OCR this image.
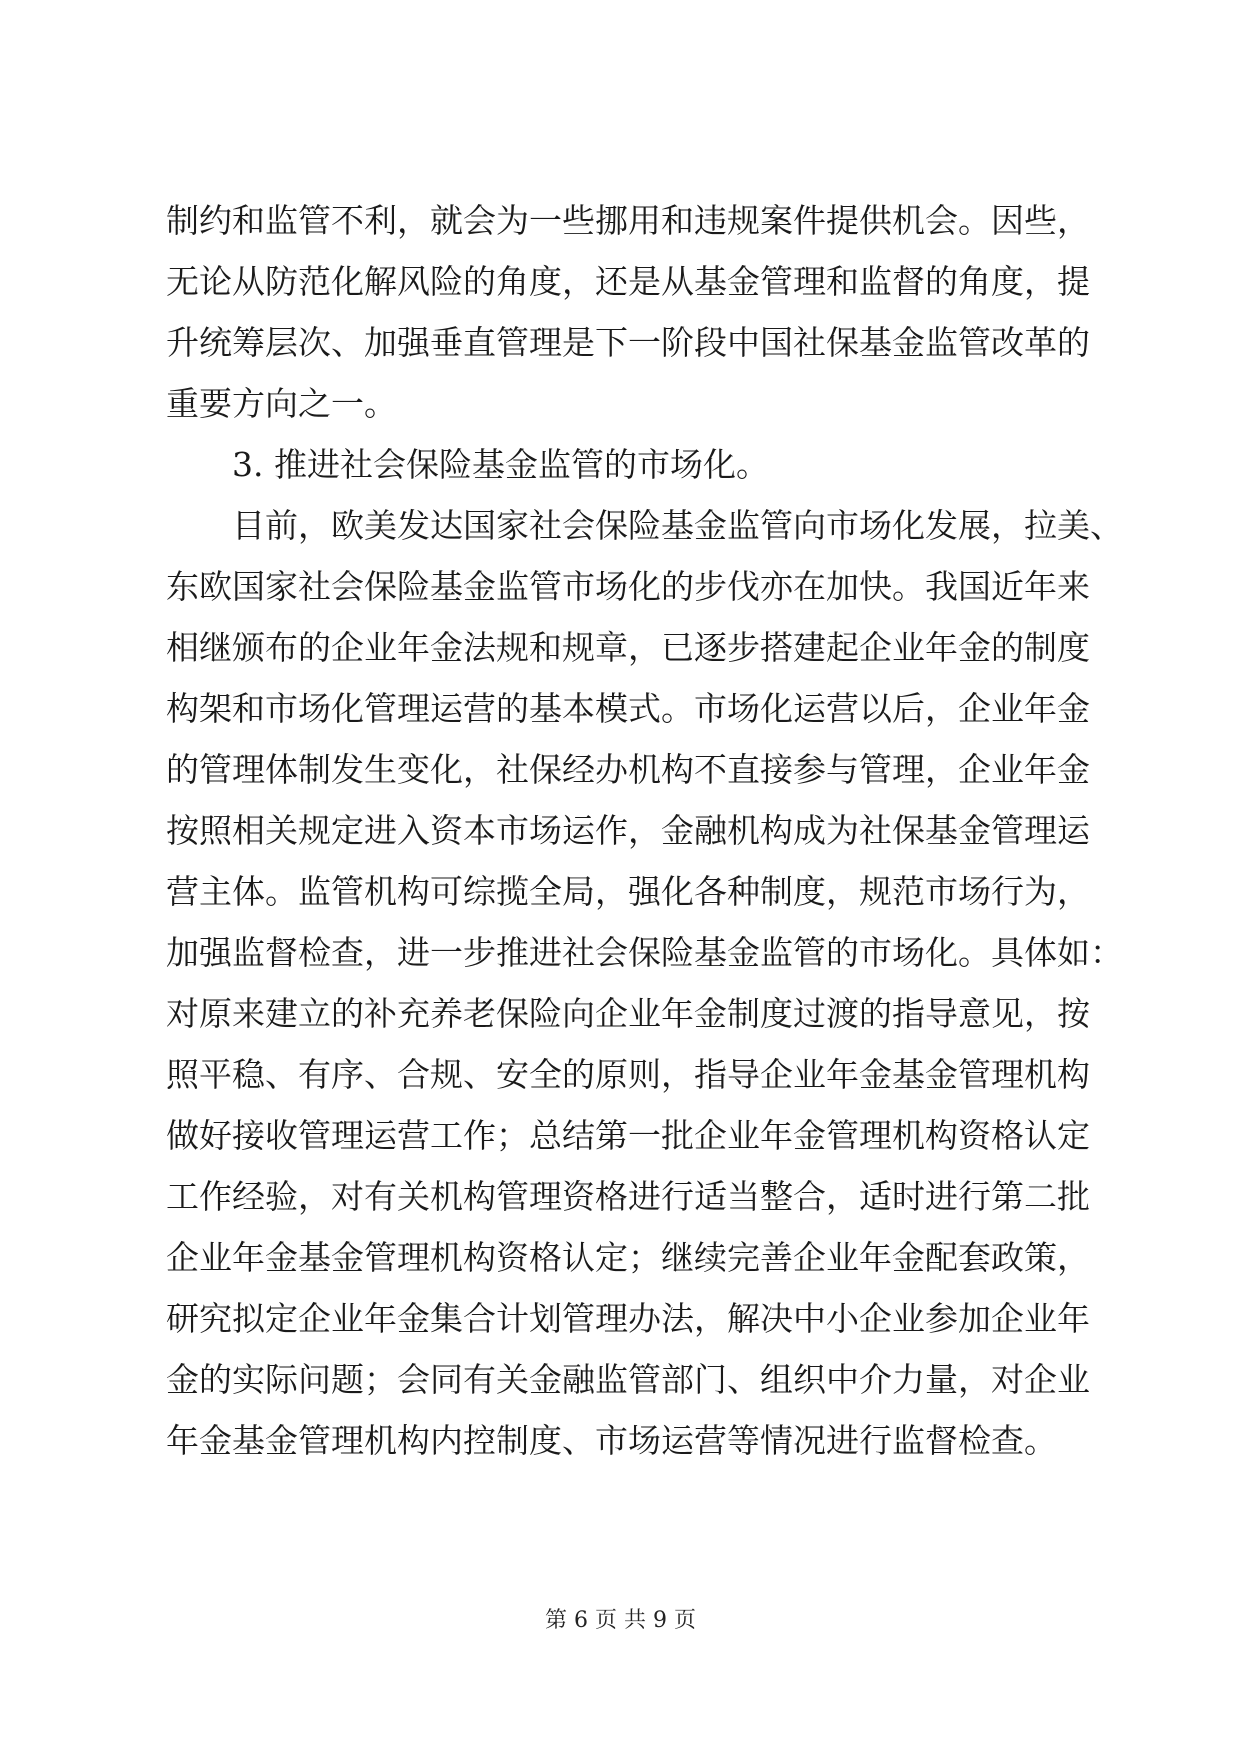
制约和监管不利，就会为一些挪用和违规案件提供机会。因些，
无论从防范化解风险的角度，还是从基金管理和监督的角度，提
升统筹层次、加强垂直管理是下一阶段中国社保基金监管改革的
重要方向之一。
3. 推进社会保险基金监管的市场化。
目前，欧美发达国家社会保险基金监管向市场化发展，拉美、
东欧国家社会保险基金监管市场化的步伐亦在加快。我国近年来
相继颁布的企业年金法规和规章，已逐步搭建起企业年金的制度
构架和市场化管理运营的基本模式。市场化运营以后，企业年金
的管理体制发生变化，社保经办机构不直接参与管理，企业年金
按照相关规定进入资本市场运作，金融机构成为社保基金管理运
营主体。监管机构可综揽全局，强化各种制度，规范市场行为，
加强监督检查，进一步推进社会保险基金监管的市场化。具体如：
对原来建立的补充养老保险向企业年金制度过渡的指导意见，按
照平稳、有序、合规、安全的原则，指导企业年金基金管理机构
做好接收管理运营工作；总结第一批企业年金管理机构资格认定
工作经验，对有关机构管理资格进行适当整合，适时进行第二批
企业年金基金管理机构资格认定；继续完善企业年金配套政策，
研究拟定企业年金集合计划管理办法，解决中小企业参加企业年
金的实际问题；会同有关金融监管部门、组织中介力量，对企业
年金基金管理机构内控制度、市场运营等情况进行监督检查。
第 6 页 共 9 页
